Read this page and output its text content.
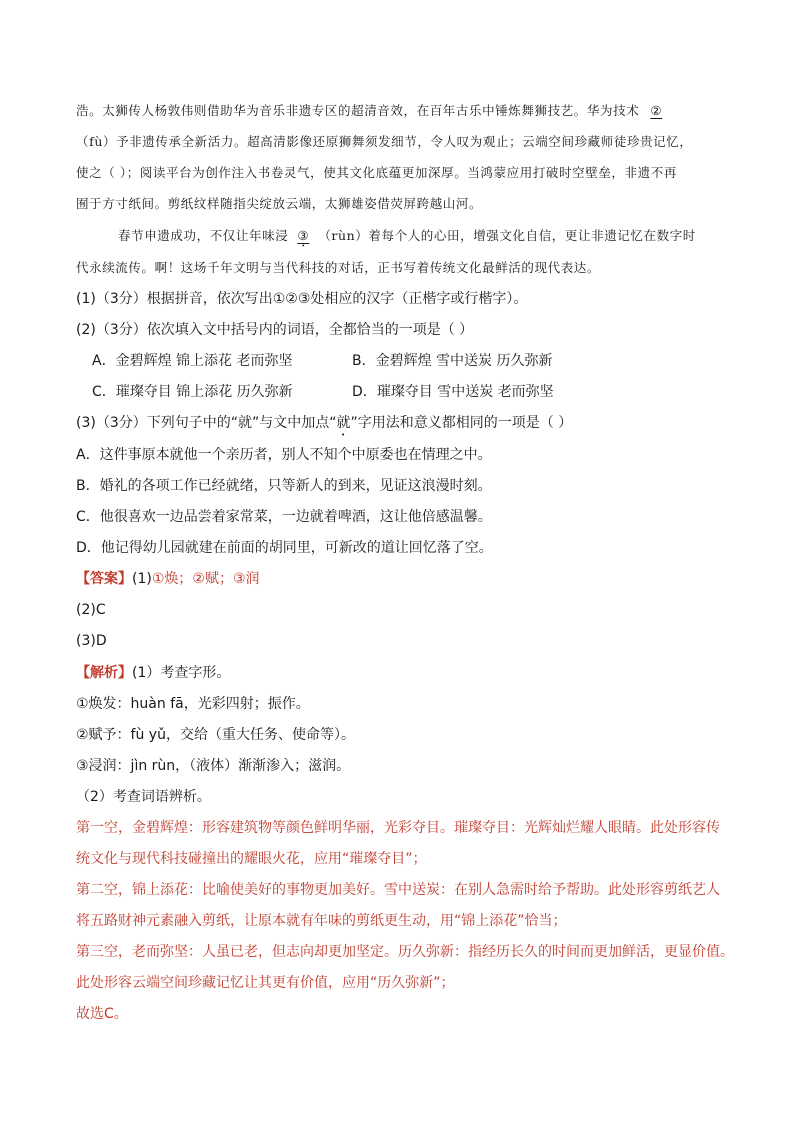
浩。太狮传人杨敦伟则借助华为音乐非遗专区的超清音效，在百年古乐中锤炼舞狮技艺。华为技术 ②
（fù）予非遗传承全新活力。超高清影像还原狮舞须发细节，令人叹为观止；云端空间珍藏师徒珍贵记忆，
使之（ ）；阅读平台为创作注入书卷灵气，使其文化底蕴更加深厚。当鸿蒙应用打破时空壁垒，非遗不再
囿于方寸纸间。剪纸纹样随指尖绽放云端，太狮雄姿借荧屏跨越山河。
春节申遗成功，不仅让年味浸 ③ （rùn）着每个人的心田，增强文化自信，更让非遗记忆在数字时
代永续流传。啊！这场千年文明与当代科技的对话，正书写着传统文化最鲜活的现代表达。
(1)（3分）根据拼音，依次写出①②③处相应的汉字（正楷字或行楷字）。
(2)（3分）依次填入文中括号内的词语，全都恰当的一项是（ ）
A．金碧辉煌 锦上添花 老而弥坚	B．金碧辉煌 雪中送炭 历久弥新
C．璀璨夺目 锦上添花 历久弥新	D．璀璨夺目 雪中送炭 老而弥坚
(3)（3分）下列句子中的“就”与文中加点“就”字用法和意义都相同的一项是（ ）
A．这件事原本就他一个亲历者，别人不知个中原委也在情理之中。
B．婚礼的各项工作已经就绪，只等新人的到来，见证这浪漫时刻。
C．他很喜欢一边品尝着家常菜，一边就着啤酒，这让他倍感温馨。
D．他记得幼儿园就建在前面的胡同里，可新改的道让回忆落了空。
【答案】(1)①焕；②赋；③润
(2)C
(3)D
【解析】(1）考查字形。
①焕发：huàn fā，光彩四射；振作。
②赋予：fù yǔ，交给（重大任务、使命等）。
③浸润：jìn rùn，（液体）渐渐渗入；滋润。
（2）考查词语辨析。
第一空，金碧辉煌：形容建筑物等颜色鲜明华丽，光彩夺目。璀璨夺目：光辉灿烂耀人眼睛。此处形容传
统文化与现代科技碰撞出的耀眼火花，应用“璀璨夺目”；
第二空，锦上添花：比喻使美好的事物更加美好。雪中送炭：在别人急需时给予帮助。此处形容剪纸艺人
将五路财神元素融入剪纸，让原本就有年味的剪纸更生动，用“锦上添花”恰当；
第三空，老而弥坚：人虽已老，但志向却更加坚定。历久弥新：指经历长久的时间而更加鲜活，更显价值。
此处形容云端空间珍藏记忆让其更有价值，应用“历久弥新”；
故选C。
